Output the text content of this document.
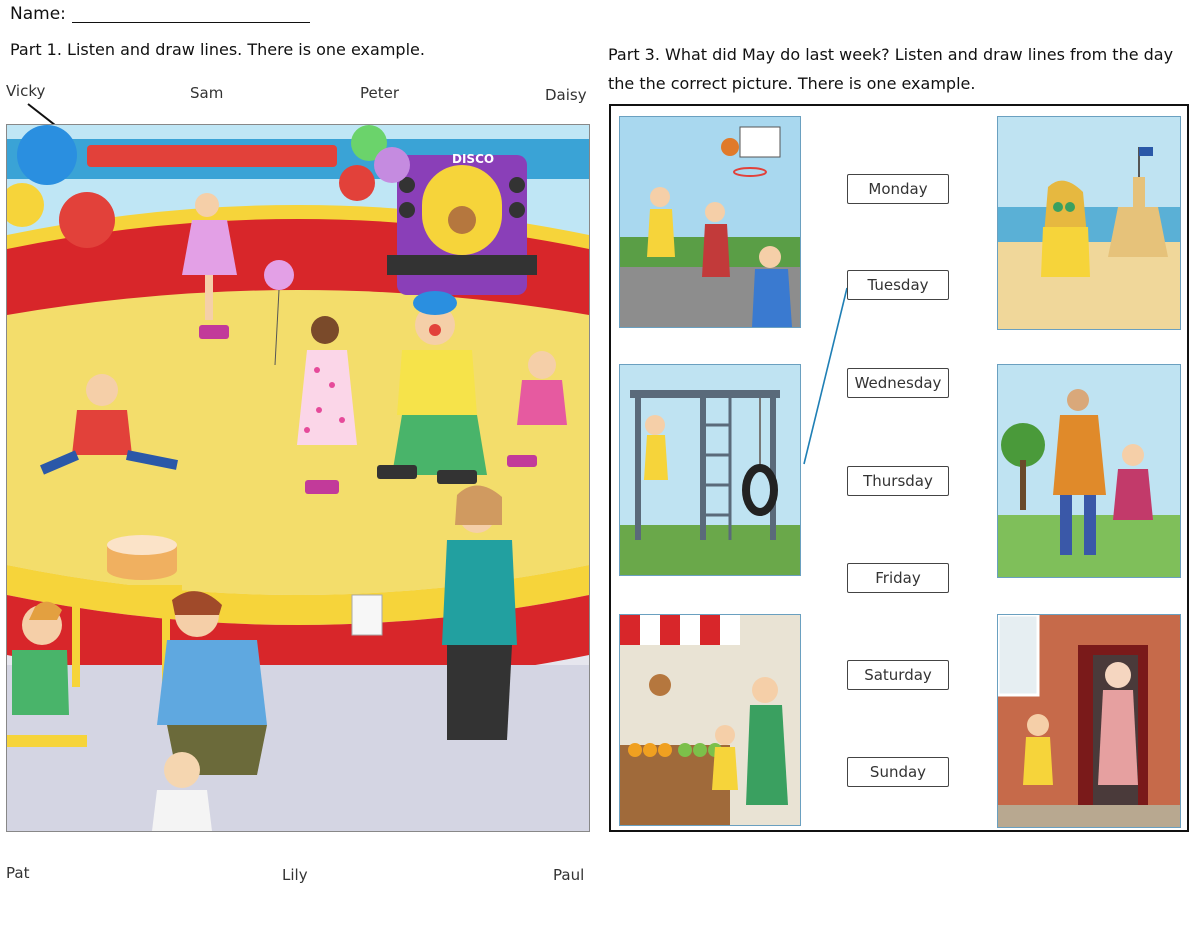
Name:
Part 1. Listen and draw lines. There is one example.	Part 3. What did May do last week? Listen and draw lines from the day the the correct picture. There is one example.
Vicky	Sam	Peter	Daisy
Pat	Lily	Paul
DISCO
Monday
Tuesday
Wednesday
Thursday
Friday
Saturday
Sunday
